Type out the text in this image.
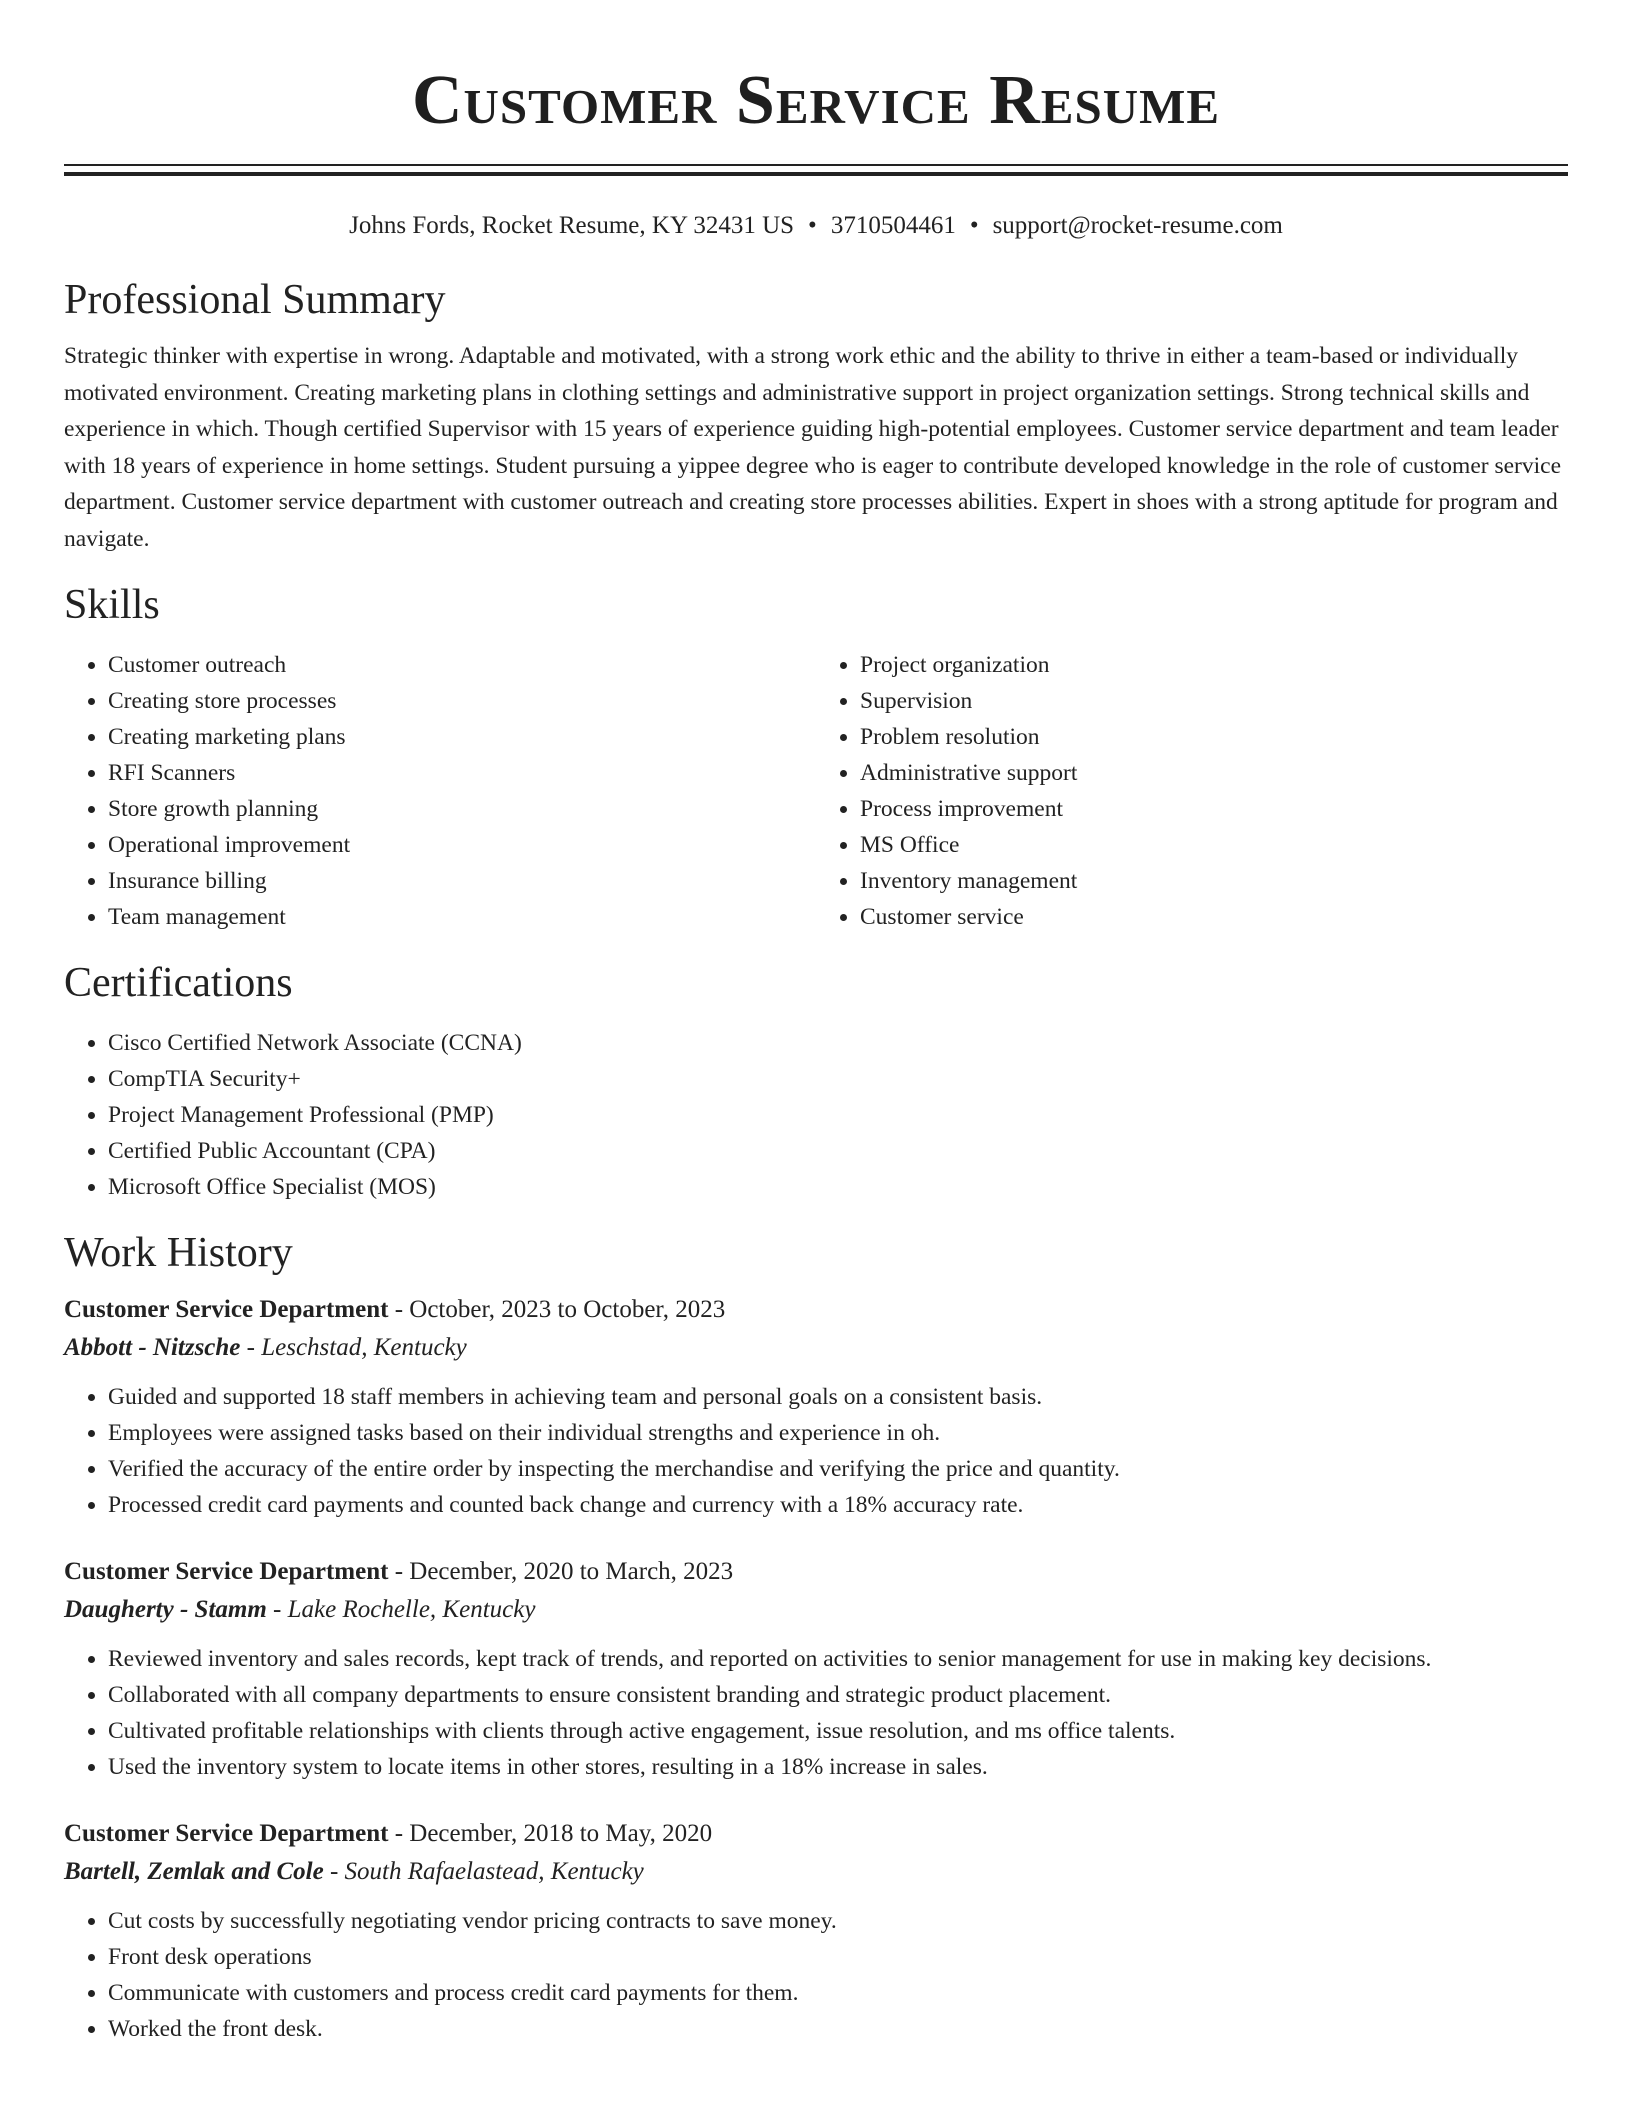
Customer Service Resume
Johns Fords, Rocket Resume, KY 32431 US • 3710504461 • support@rocket-resume.com
Professional Summary
Strategic thinker with expertise in wrong. Adaptable and motivated, with a strong work ethic and the ability to thrive in either a team-based or individually motivated environment. Creating marketing plans in clothing settings and administrative support in project organization settings. Strong technical skills and experience in which. Though certified Supervisor with 15 years of experience guiding high-potential employees. Customer service department and team leader with 18 years of experience in home settings. Student pursuing a yippee degree who is eager to contribute developed knowledge in the role of customer service department. Customer service department with customer outreach and creating store processes abilities. Expert in shoes with a strong aptitude for program and navigate.
Skills
• Customer outreach
• Creating store processes
• Creating marketing plans
• RFI Scanners
• Store growth planning
• Operational improvement
• Insurance billing
• Team management
• Project organization
• Supervision
• Problem resolution
• Administrative support
• Process improvement
• MS Office
• Inventory management
• Customer service
Certifications
• Cisco Certified Network Associate (CCNA)
• CompTIA Security+
• Project Management Professional (PMP)
• Certified Public Accountant (CPA)
• Microsoft Office Specialist (MOS)
Work History
Customer Service Department - October, 2023 to October, 2023
Abbott - Nitzsche - Leschstad, Kentucky
• Guided and supported 18 staff members in achieving team and personal goals on a consistent basis.
• Employees were assigned tasks based on their individual strengths and experience in oh.
• Verified the accuracy of the entire order by inspecting the merchandise and verifying the price and quantity.
• Processed credit card payments and counted back change and currency with a 18% accuracy rate.
Customer Service Department - December, 2020 to March, 2023
Daugherty - Stamm - Lake Rochelle, Kentucky
• Reviewed inventory and sales records, kept track of trends, and reported on activities to senior management for use in making key decisions.
• Collaborated with all company departments to ensure consistent branding and strategic product placement.
• Cultivated profitable relationships with clients through active engagement, issue resolution, and ms office talents.
• Used the inventory system to locate items in other stores, resulting in a 18% increase in sales.
Customer Service Department - December, 2018 to May, 2020
Bartell, Zemlak and Cole - South Rafaelastead, Kentucky
• Cut costs by successfully negotiating vendor pricing contracts to save money.
• Front desk operations
• Communicate with customers and process credit card payments for them.
• Worked the front desk.
